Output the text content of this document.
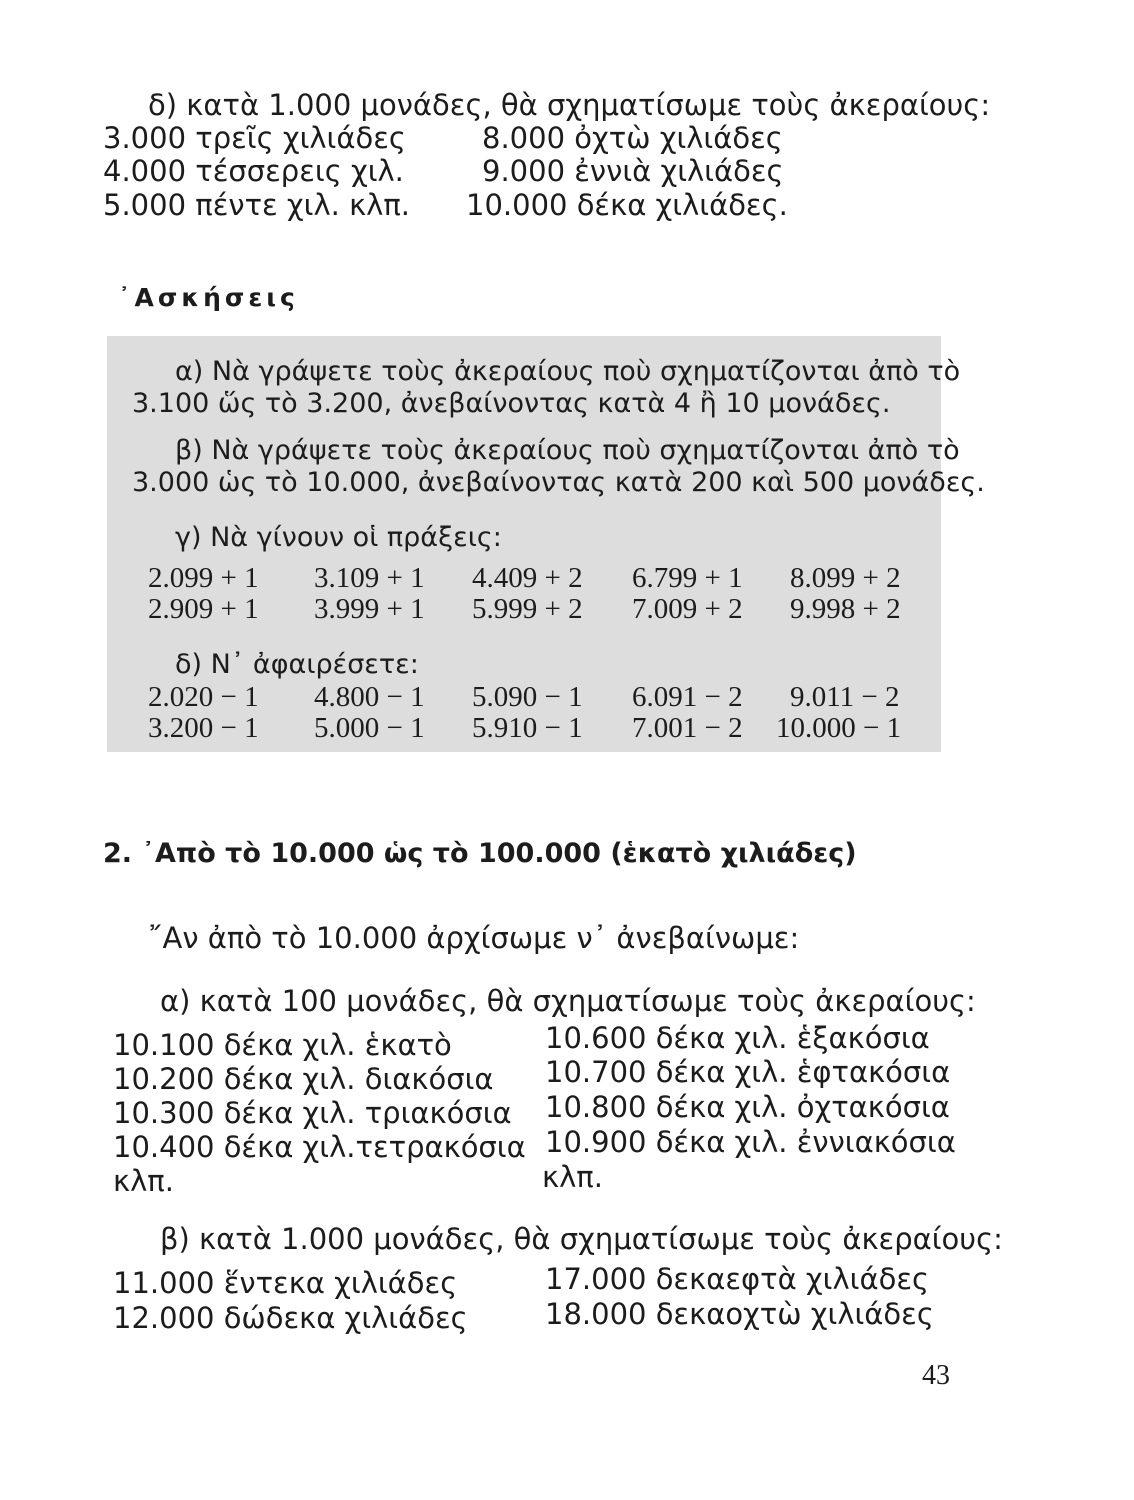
δ) κατὰ 1.000 μονάδες, θὰ σχηματίσωμε τοὺς ἀκεραίους:
3.000 τρεῖς χιλιάδες
4.000 τέσσερεις χιλ.
5.000 πέντε χιλ. κλπ.
8.000 ὀχτὼ χιλιάδες
9.000 ἐννιὰ χιλιάδες
10.000 δέκα χιλιάδες.
᾿Ασκήσεις
α) Νὰ γράψετε τοὺς ἀκεραίους ποὺ σχηματίζονται ἀπὸ τὸ
3.100 ὥς τὸ 3.200, ἀνεβαίνοντας κατὰ 4 ἢ 10 μονάδες.
β) Νὰ γράψετε τοὺς ἀκεραίους ποὺ σχηματίζονται ἀπὸ τὸ
3.000 ὡς τὸ 10.000, ἀνεβαίνοντας κατὰ 200 καὶ 500 μονάδες.
γ) Νὰ γίνουν οἱ πράξεις:
2.099 + 1 3.109 + 1 4.409 + 2 6.799 + 1 8.099 + 2
2.909 + 1 3.999 + 1 5.999 + 2 7.009 + 2 9.998 + 2
δ) Ν᾿ ἀφαιρέσετε:
2.020 − 1 4.800 − 1 5.090 − 1 6.091 − 2 9.011 − 2
3.200 − 1 5.000 − 1 5.910 − 1 7.001 − 2 10.000 − 1
2. ᾿Απὸ τὸ 10.000 ὡς τὸ 100.000 (ἑκατὸ χιλιάδες)
῎Αν ἀπὸ τὸ 10.000 ἀρχίσωμε ν᾿ ἀνεβαίνωμε:
α) κατὰ 100 μονάδες, θὰ σχηματίσωμε τοὺς ἀκεραίους:
10.100 δέκα χιλ. ἑκατὸ
10.200 δέκα χιλ. διακόσια
10.300 δέκα χιλ. τριακόσια
10.400 δέκα χιλ.τετρακόσια
κλπ.
10.600 δέκα χιλ. ἑξακόσια
10.700 δέκα χιλ. ἑφτακόσια
10.800 δέκα χιλ. ὀχτακόσια
10.900 δέκα χιλ. ἐννιακόσια
κλπ.
β) κατὰ 1.000 μονάδες, θὰ σχηματίσωμε τοὺς ἀκεραίους:
11.000 ἕντεκα χιλιάδες
12.000 δώδεκα χιλιάδες
17.000 δεκαεφτὰ χιλιάδες
18.000 δεκαοχτὼ χιλιάδες
43
